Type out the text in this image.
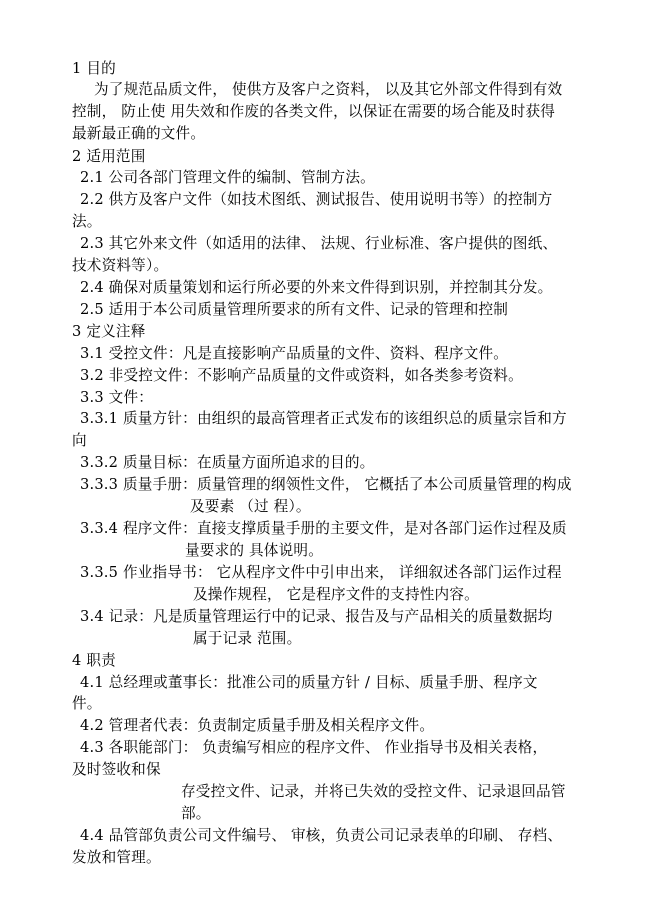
1 目的
为了规范品质文件， 使供方及客户之资料， 以及其它外部文件得到有效
控制， 防止使 用失效和作废的各类文件，以保证在需要的场合能及时获得
最新最正确的文件。
2 适用范围
2.1 公司各部门管理文件的编制、管制方法。
2.2 供方及客户文件（如技术图纸、测试报告、使用说明书等）的控制方
法。
2.3 其它外来文件（如适用的法律、 法规、行业标准、客户提供的图纸、
技术资料等）。
2.4 确保对质量策划和运行所必要的外来文件得到识别，并控制其分发。
2.5 适用于本公司质量管理所要求的所有文件、记录的管理和控制
3 定义注释
3.1 受控文件：凡是直接影响产品质量的文件、资料、程序文件。
3.2 非受控文件：不影响产品质量的文件或资料，如各类参考资料。
3.3 文件：
3.3.1 质量方针：由组织的最高管理者正式发布的该组织总的质量宗旨和方
向
3.3.2 质量目标：在质量方面所追求的目的。
3.3.3 质量手册：质量管理的纲领性文件， 它概括了本公司质量管理的构成
及要素 （过 程）。
3.3.4 程序文件：直接支撑质量手册的主要文件，是对各部门运作过程及质
量要求的 具体说明。
3.3.5 作业指导书： 它从程序文件中引申出来， 详细叙述各部门运作过程
及操作规程， 它是程序文件的支持性内容。
3.4 记录：凡是质量管理运行中的记录、报告及与产品相关的质量数据均
属于记录 范围。
4 职责
4.1 总经理或董事长：批准公司的质量方针 / 目标、质量手册、程序文
件。
4.2 管理者代表：负责制定质量手册及相关程序文件。
4.3 各职能部门： 负责编写相应的程序文件、 作业指导书及相关表格，
及时签收和保
存受控文件、记录，并将已失效的受控文件、记录退回品管
部。
4.4 品管部负责公司文件编号、 审核，负责公司记录表单的印刷、 存档、
发放和管理。
